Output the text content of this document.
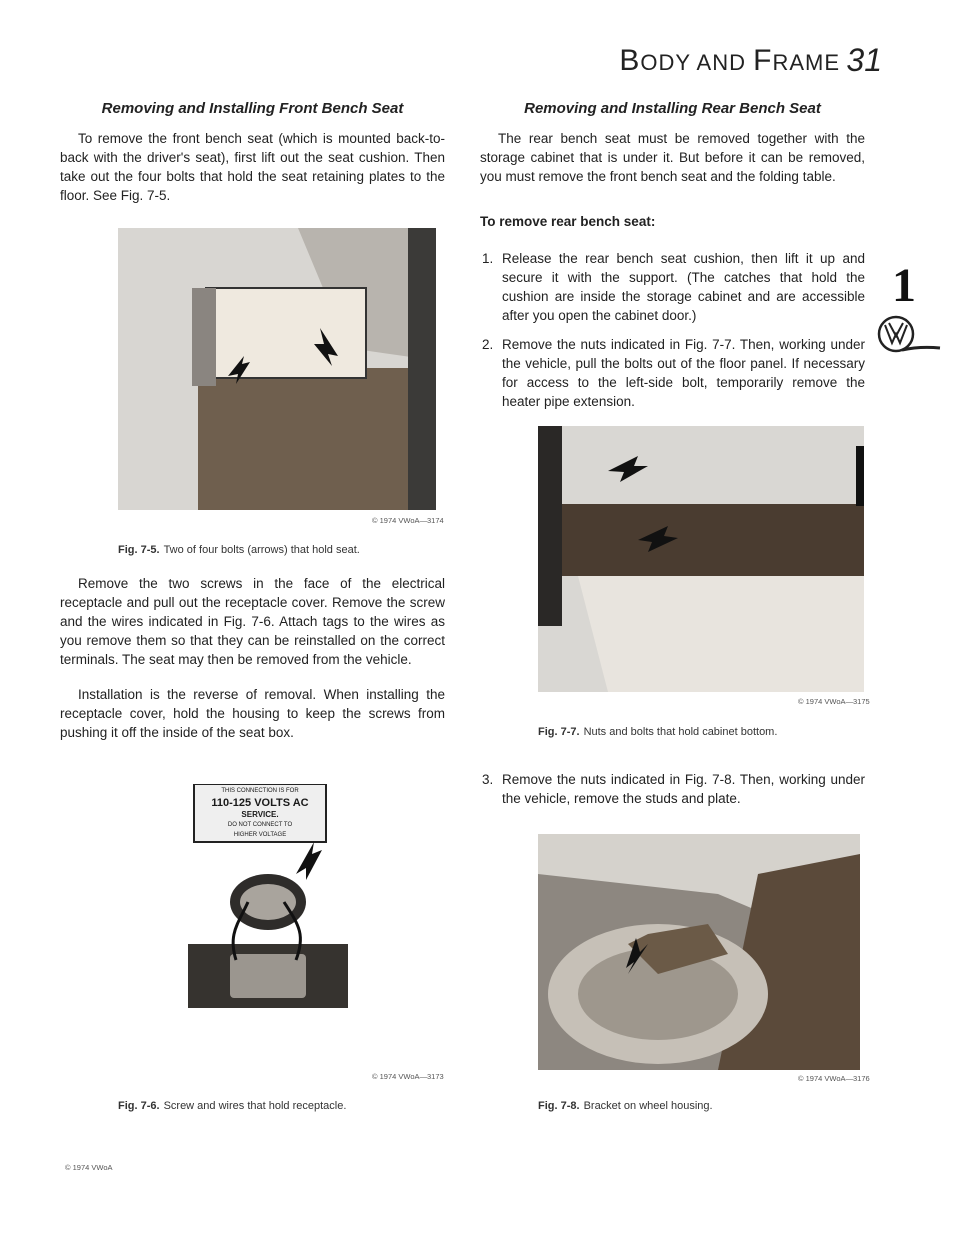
BODY AND FRAME 31
1
Removing and Installing Front Bench Seat

To remove the front bench seat (which is mounted back-to-back with the driver's seat), first lift out the seat cushion. Then take out the four bolts that hold the seat retaining plates to the floor. See Fig. 7-5.

© 1974 VWoA—3174
Fig. 7-5. Two of four bolts (arrows) that hold seat.

Remove the two screws in the face of the electrical receptacle and pull out the receptacle cover. Remove the screw and the wires indicated in Fig. 7-6. Attach tags to the wires as you remove them so that they can be reinstalled on the correct terminals. The seat may then be removed from the vehicle.

Installation is the reverse of removal. When installing the receptacle cover, hold the housing to keep the screws from pushing it off the inside of the seat box.

THIS CONNECTION IS FOR
110-125 VOLTS AC
SERVICE.
DO NOT CONNECT TO
HIGHER VOLTAGE
© 1974 VWoA—3173
Fig. 7-6. Screw and wires that hold receptacle.
Removing and Installing Rear Bench Seat

The rear bench seat must be removed together with the storage cabinet that is under it. But before it can be removed, you must remove the front bench seat and the folding table.

To remove rear bench seat:

1. Release the rear bench seat cushion, then lift it up and secure it with the support. (The catches that hold the cushion are inside the storage cabinet and are accessible after you open the cabinet door.)
2. Remove the nuts indicated in Fig. 7-7. Then, working under the vehicle, pull the bolts out of the floor panel. If necessary for access to the left-side bolt, temporarily remove the heater pipe extension.
© 1974 VWoA—3175
Fig. 7-7. Nuts and bolts that hold cabinet bottom.
3. Remove the nuts indicated in Fig. 7-8. Then, working under the vehicle, remove the studs and plate.
© 1974 VWoA—3176
Fig. 7-8. Bracket on wheel housing.
© 1974 VWoA
